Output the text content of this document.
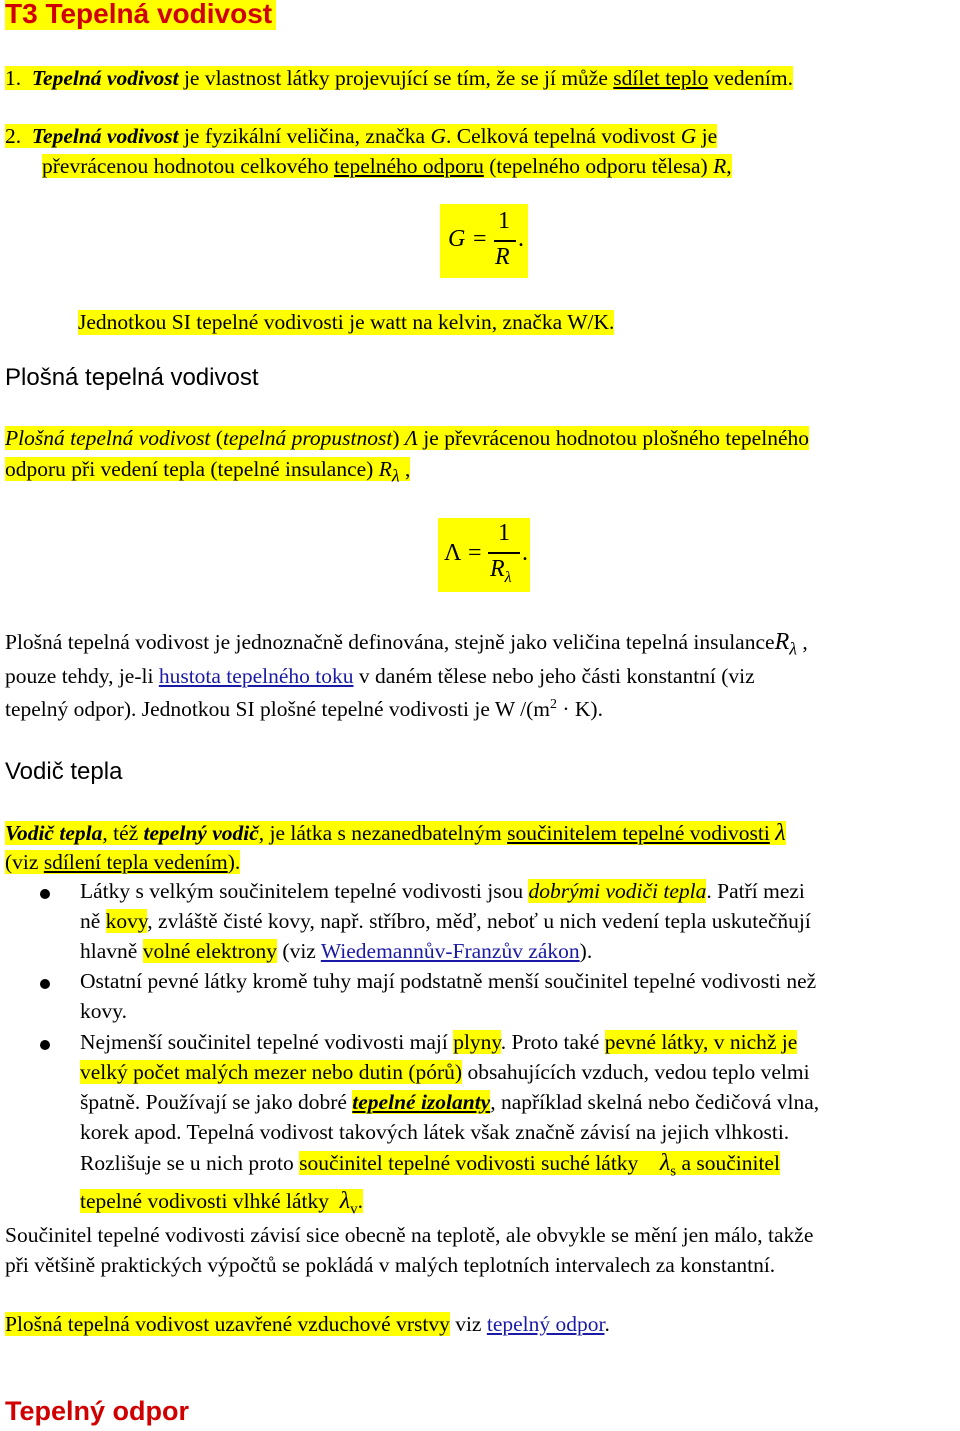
T3 Tepelná vodivost
1. Tepelná vodivost je vlastnost látky projevující se tím, že se jí může sdílet teplo vedením.
2. Tepelná vodivost je fyzikální veličina, značka G. Celková tepelná vodivost G je
převrácenou hodnotou celkového tepelného odporu (tepelného odporu tělesa) R,
G =
1
R
.
Jednotkou SI tepelné vodivosti je watt na kelvin, značka W/K.
Plošná tepelná vodivost
Plošná tepelná vodivost (tepelná propustnost) Λ je převrácenou hodnotou plošného tepelného
odporu při vedení tepla (tepelné insulance) $R_\lambda$ ,
Λ =
1
$R_\lambda$
.
Plošná tepelná vodivost je jednoznačně definována, stejně jako veličina tepelná insulanceR$_\lambda$ ,
pouze tehdy, je-li hustota tepelného toku v daném tělese nebo jeho části konstantní (viz
tepelný odpor). Jednotkou SI plošné tepelné vodivosti je W $/(m^2 \cdot K)$.
Vodič tepla
Vodič tepla, též tepelný vodič, je látka s nezanedbatelným součinitelem tepelné vodivosti λ
(viz sdílení tepla vedením).
Látky s velkým součinitelem tepelné vodivosti jsou dobrými vodiči tepla. Patří mezi
ně kovy, zvláště čisté kovy, např. stříbro, měď, neboť u nich vedení tepla uskutečňují
hlavně volné elektrony (viz Wiedemannův-Franzův zákon).
Ostatní pevné látky kromě tuhy mají podstatně menší součinitel tepelné vodivosti než
kovy.
Nejmenší součinitel tepelné vodivosti mají plyny. Proto také pevné látky, v nichž je
velký počet malých mezer nebo dutin (pórů) obsahujících vzduch, vedou teplo velmi
špatně. Používají se jako dobré tepelné izolanty, například skelná nebo čedičová vlna,
korek apod. Tepelná vodivost takových látek však značně závisí na jejich vlhkosti.
Rozlišuje se u nich proto součinitel tepelné vodivosti suché látky $\lambda_s$ a součinitel
tepelné vodivosti vlhké látky $\lambda_v$.
Součinitel tepelné vodivosti závisí sice obecně na teplotě, ale obvykle se mění jen málo, takže
při většině praktických výpočtů se pokládá v malých teplotních intervalech za konstantní.
Plošná tepelná vodivost uzavřené vzduchové vrstvy viz tepelný odpor.
Tepelný odpor
